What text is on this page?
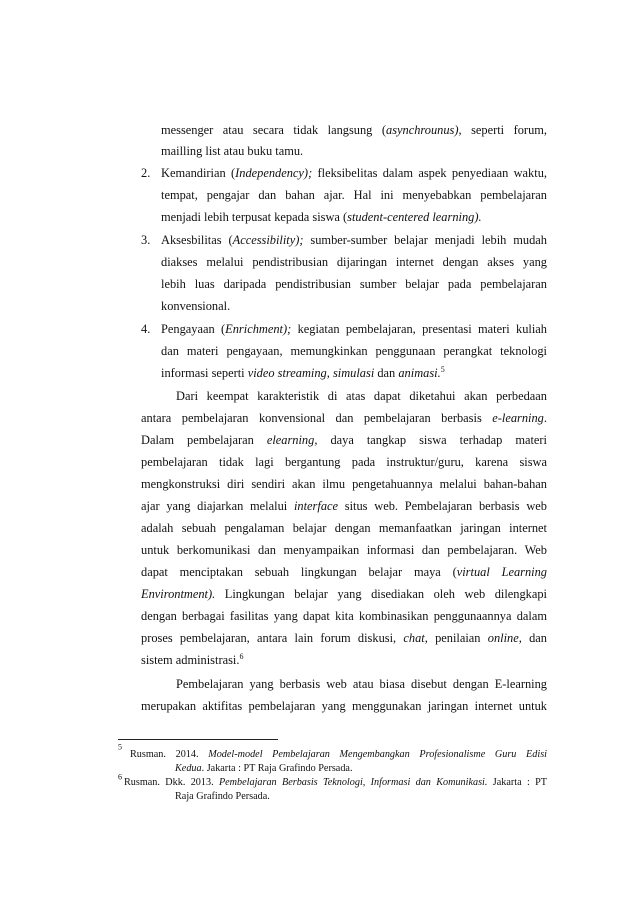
messenger atau secara tidak langsung (asynchrounus), seperti forum,
mailling list atau buku tamu.
2. Kemandirian (Independency); fleksibelitas dalam aspek penyediaan waktu,
tempat, pengajar dan bahan ajar. Hal ini menyebabkan pembelajaran
menjadi lebih terpusat kepada siswa (student-centered learning).
3. Aksesbilitas (Accessibility); sumber-sumber belajar menjadi lebih mudah
diakses melalui pendistribusian dijaringan internet dengan akses yang
lebih luas daripada pendistribusian sumber belajar pada pembelajaran
konvensional.
4. Pengayaan (Enrichment); kegiatan pembelajaran, presentasi materi kuliah
dan materi pengayaan, memungkinkan penggunaan perangkat teknologi
informasi seperti video streaming, simulasi dan animasi.$^5$
Dari keempat karakteristik di atas dapat diketahui akan perbedaan
antara pembelajaran konvensional dan pembelajaran berbasis e-learning.
Dalam pembelajaran elearning, daya tangkap siswa terhadap materi
pembelajaran tidak lagi bergantung pada instruktur/guru, karena siswa
mengkonstruksi diri sendiri akan ilmu pengetahuannya melalui bahan-bahan
ajar yang diajarkan melalui interface situs web. Pembelajaran berbasis web
adalah sebuah pengalaman belajar dengan memanfaatkan jaringan internet
untuk berkomunikasi dan menyampaikan informasi dan pembelajaran. Web
dapat menciptakan sebuah lingkungan belajar maya (virtual Learning
Environtment). Lingkungan belajar yang disediakan oleh web dilengkapi
dengan berbagai fasilitas yang dapat kita kombinasikan penggunaannya dalam
proses pembelajaran, antara lain forum diskusi, chat, penilaian online, dan
sistem administrasi.$^6$
Pembelajaran yang berbasis web atau biasa disebut dengan E-learning
merupakan aktifitas pembelajaran yang menggunakan jaringan internet untuk
$^5$
Rusman. 2014. Model-model Pembelajaran Mengembangkan Profesionalisme Guru Edisi
Kedua. Jakarta : PT Raja Grafindo Persada.
$^6$ Rusman. Dkk. 2013. Pembelajaran Berbasis Teknologi, Informasi dan Komunikasi. Jakarta : PT
Raja Grafindo Persada.
